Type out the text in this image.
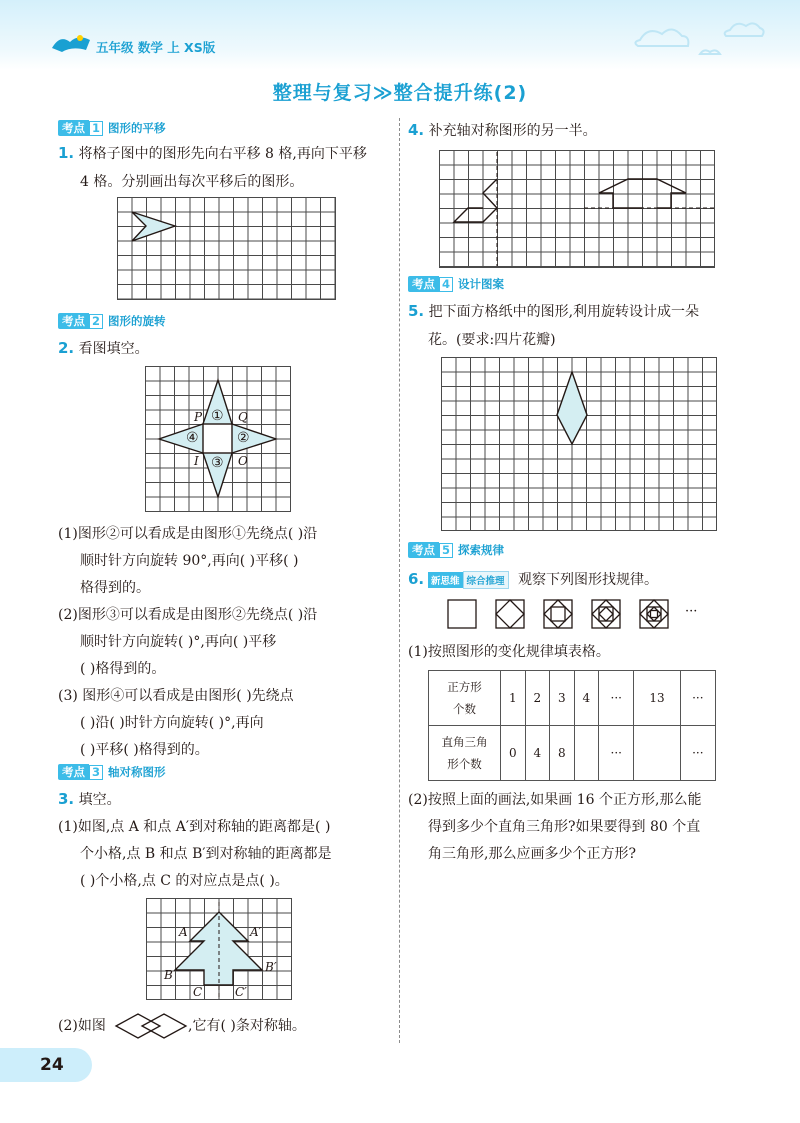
五年级 数学 上 XS版
整理与复习≫整合提升练(2)
考点 1 图形的平移
1. 将格子图中的图形先向右平移 8 格,再向下平移
4 格。分别画出每次平移后的图形。
考点 2 图形的旋转
2. 看图填空。
P	Q
I	O
①
②
③
④
(1)图形②可以看成是由图形①先绕点( )沿
顺时针方向旋转 90°,再向( )平移( )
格得到的。
(2)图形③可以看成是由图形②先绕点( )沿
顺时针方向旋转( )°,再向( )平移
( )格得到的。
(3) 图形④可以看成是由图形( )先绕点
( )沿( )时针方向旋转( )°,再向
( )平移( )格得到的。
考点 3 轴对称图形
3. 填空。
(1)如图,点 A 和点 A′到对称轴的距离都是( )
个小格,点 B 和点 B′到对称轴的距离都是
( )个小格,点 C 的对应点是点( )。
A	A′
B
B′
C	C′
(2)如图	,它有( )条对称轴。
24
4. 补充轴对称图形的另一半。
考点 4 设计图案
5. 把下面方格纸中的图形,利用旋转设计成一朵
花。(要求:四片花瓣)
考点 5 探索规律
6. 新思维 综合推理 观察下列图形找规律。
···
(1)按照图形的变化规律填表格。
正方形
个数	1	2	3	4	···	13	···

直角三角
形个数	0	4	8		···		···
(2)按照上面的画法,如果画 16 个正方形,那么能
得到多少个直角三角形?如果要得到 80 个直
角三角形,那么应画多少个正方形?
